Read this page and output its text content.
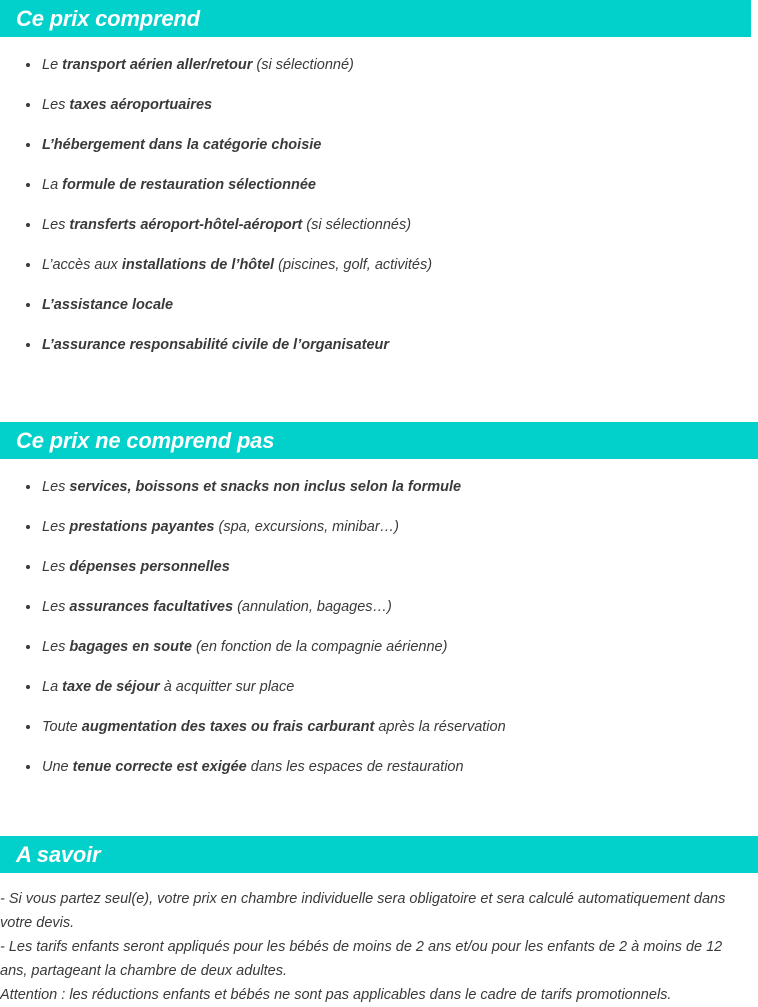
Ce prix comprend
Le transport aérien aller/retour (si sélectionné)
Les taxes aéroportuaires
L’hébergement dans la catégorie choisie
La formule de restauration sélectionnée
Les transferts aéroport-hôtel-aéroport (si sélectionnés)
L’accès aux installations de l’hôtel (piscines, golf, activités)
L’assistance locale
L’assurance responsabilité civile de l’organisateur
Ce prix ne comprend pas
Les services, boissons et snacks non inclus selon la formule
Les prestations payantes (spa, excursions, minibar…)
Les dépenses personnelles
Les assurances facultatives (annulation, bagages…)
Les bagages en soute (en fonction de la compagnie aérienne)
La taxe de séjour à acquitter sur place
Toute augmentation des taxes ou frais carburant après la réservation
Une tenue correcte est exigée dans les espaces de restauration
A savoir

- Si vous partez seul(e), votre prix en chambre individuelle sera obligatoire et sera calculé automatiquement dans votre devis.

- Les tarifs enfants seront appliqués pour les bébés de moins de 2 ans et/ou pour les enfants de 2 à moins de 12 ans, partageant la chambre de deux adultes.

Attention : les réductions enfants et bébés ne sont pas applicables dans le cadre de tarifs promotionnels.
